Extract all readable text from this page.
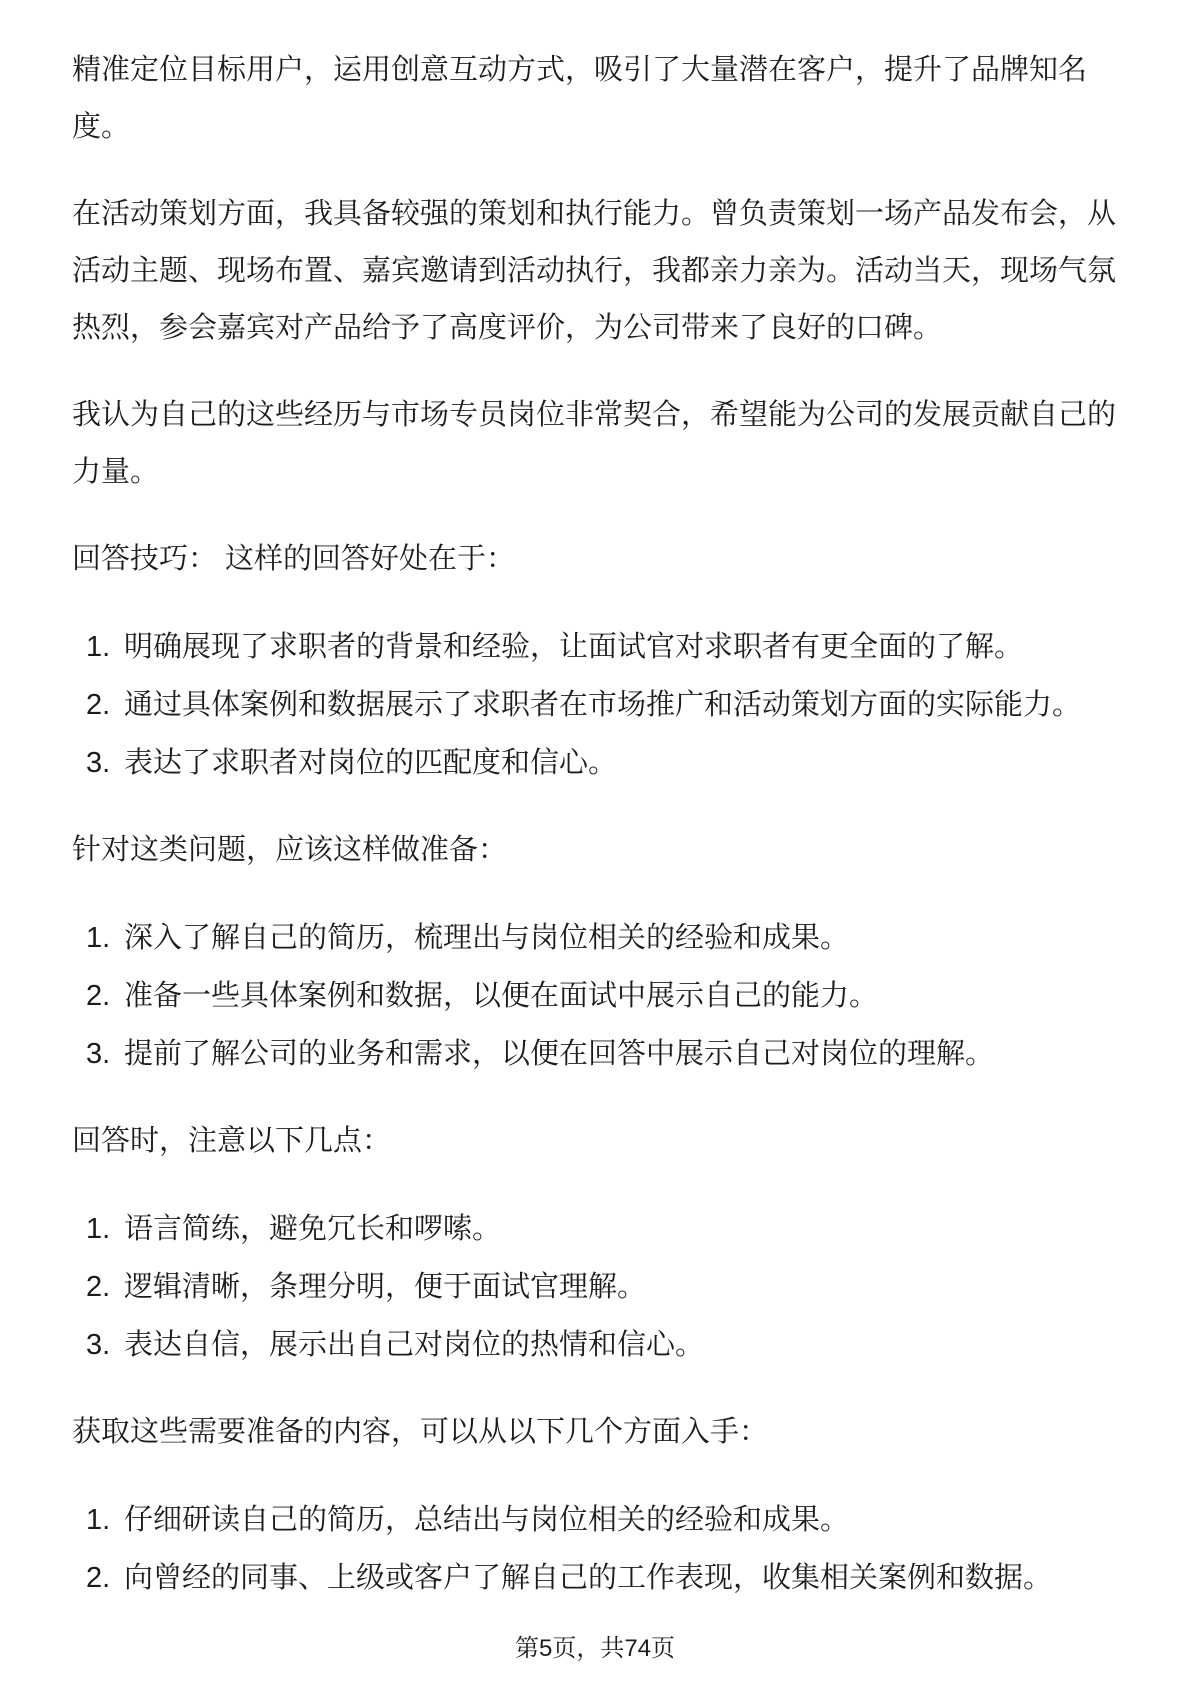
精准定位目标用户，运用创意互动方式，吸引了大量潜在客户，提升了品牌知名度。

在活动策划方面，我具备较强的策划和执行能力。曾负责策划一场产品发布会，从活动主题、现场布置、嘉宾邀请到活动执行，我都亲力亲为。活动当天，现场气氛热烈，参会嘉宾对产品给予了高度评价，为公司带来了良好的口碑。

我认为自己的这些经历与市场专员岗位非常契合，希望能为公司的发展贡献自己的力量。

回答技巧： 这样的回答好处在于：

1. 明确展现了求职者的背景和经验，让面试官对求职者有更全面的了解。
2. 通过具体案例和数据展示了求职者在市场推广和活动策划方面的实际能力。
3. 表达了求职者对岗位的匹配度和信心。

针对这类问题，应该这样做准备：

1. 深入了解自己的简历，梳理出与岗位相关的经验和成果。
2. 准备一些具体案例和数据，以便在面试中展示自己的能力。
3. 提前了解公司的业务和需求，以便在回答中展示自己对岗位的理解。

回答时，注意以下几点：

1. 语言简练，避免冗长和啰嗦。
2. 逻辑清晰，条理分明，便于面试官理解。
3. 表达自信，展示出自己对岗位的热情和信心。

获取这些需要准备的内容，可以从以下几个方面入手：

1. 仔细研读自己的简历，总结出与岗位相关的经验和成果。
2. 向曾经的同事、上级或客户了解自己的工作表现，收集相关案例和数据。
第5页，共74页
